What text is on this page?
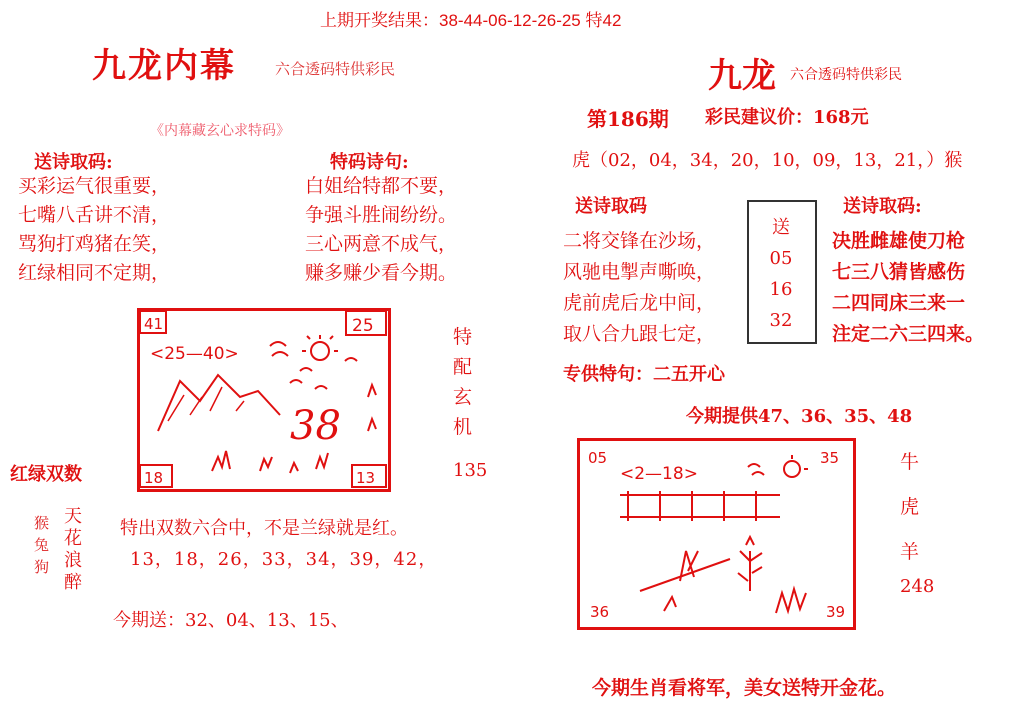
上期开奖结果：38-44-06-12-26-25 特42
九龙内幕	六合透码特供彩民
《内幕藏玄心求特码》
送诗取码:	特码诗句:
买彩运气很重要，
七嘴八舌讲不清，
骂狗打鸡猪在笑，
红绿相同不定期，
白姐给特都不要，
争强斗胜闹纷纷。
三心两意不成气，
赚多赚少看今期。
41	25
18	13
<25—40>
38
特
配
玄
机
红绿双数	135
猴
兔
狗
天
花
浪
醉
特出双数六合中，不是兰绿就是红。
13，18，26，33，34，39，42，
今期送：32、04、13、15、
九龙 六合透码特供彩民
第186期 彩民建议价：168元
虎（02，04，34，20，10，09，13，21，）猴
送诗取码	送诗取码:
二将交锋在沙场，
风驰电掣声嘶唤，
虎前虎后龙中间，
取八合九跟七定，
决胜雌雄使刀枪
七三八猜皆感伤
二四同床三来一
注定二六三四来。
送
05
16
32
专供特句：二五开心
今期提供47、36、35、48
05	35
36	39
<2—18>
牛
虎
羊
248
今期生肖看将军，美女送特开金花。
